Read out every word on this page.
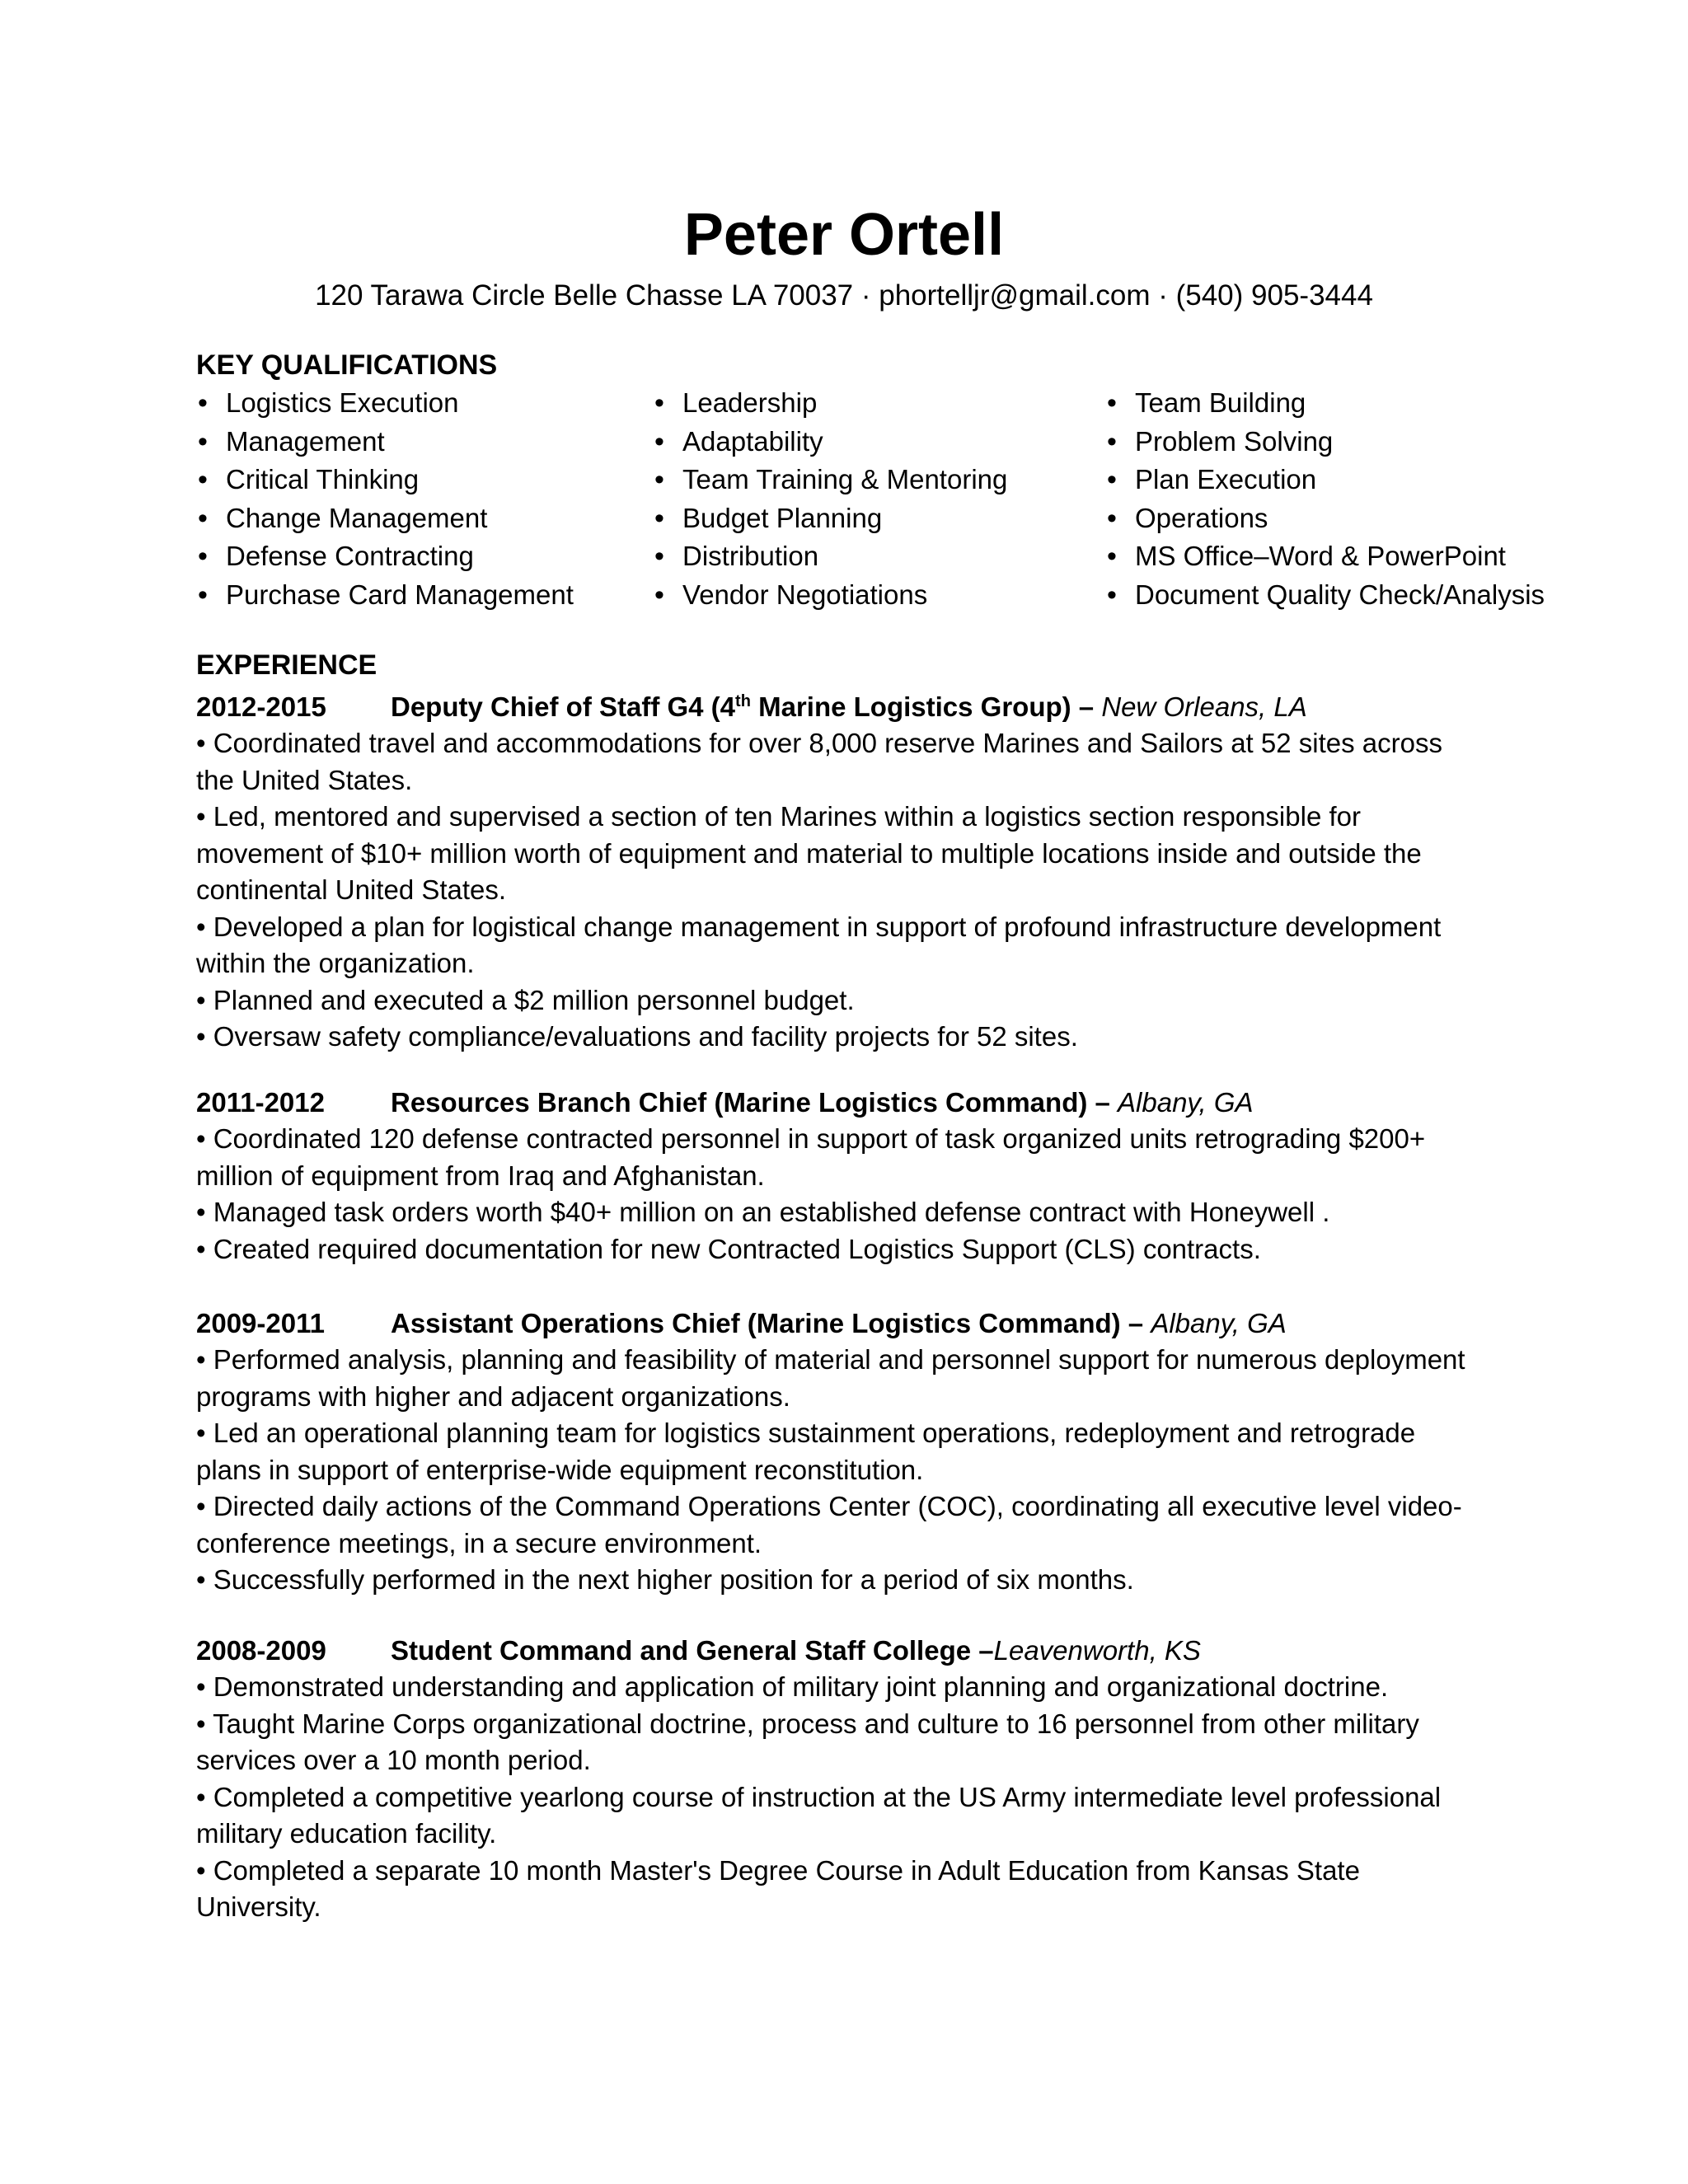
Peter Ortell
120 Tarawa Circle Belle Chasse LA 70037 · phortelljr@gmail.com · (540) 905-3444
KEY QUALIFICATIONS
• Logistics Execution
• Management
• Critical Thinking
• Change Management
• Defense Contracting
• Purchase Card Management
• Leadership
• Adaptability
• Team Training & Mentoring
• Budget Planning
• Distribution
• Vendor Negotiations
• Team Building
• Problem Solving
• Plan Execution
• Operations
• MS Office–Word & PowerPoint
• Document Quality Check/Analysis
EXPERIENCE
2012-2015 Deputy Chief of Staff G4 (4th Marine Logistics Group) – New Orleans, LA
• Coordinated travel and accommodations for over 8,000 reserve Marines and Sailors at 52 sites across the United States.
• Led, mentored and supervised a section of ten Marines within a logistics section responsible for movement of $10+ million worth of equipment and material to multiple locations inside and outside the continental United States.
• Developed a plan for logistical change management in support of profound infrastructure development within the organization.
• Planned and executed a $2 million personnel budget.
• Oversaw safety compliance/evaluations and facility projects for 52 sites.
2011-2012 Resources Branch Chief (Marine Logistics Command) – Albany, GA
• Coordinated 120 defense contracted personnel in support of task organized units retrograding $200+ million of equipment from Iraq and Afghanistan.
• Managed task orders worth $40+ million on an established defense contract with Honeywell .
• Created required documentation for new Contracted Logistics Support (CLS) contracts.
2009-2011 Assistant Operations Chief (Marine Logistics Command) – Albany, GA
• Performed analysis, planning and feasibility of material and personnel support for numerous deployment programs with higher and adjacent organizations.
• Led an operational planning team for logistics sustainment operations, redeployment and retrograde plans in support of enterprise-wide equipment reconstitution.
• Directed daily actions of the Command Operations Center (COC), coordinating all executive level video-conference meetings, in a secure environment.
• Successfully performed in the next higher position for a period of six months.
2008-2009 Student Command and General Staff College –Leavenworth, KS
• Demonstrated understanding and application of military joint planning and organizational doctrine.
• Taught Marine Corps organizational doctrine, process and culture to 16 personnel from other military services over a 10 month period.
• Completed a competitive yearlong course of instruction at the US Army intermediate level professional military education facility.
• Completed a separate 10 month Master's Degree Course in Adult Education from Kansas State University.
